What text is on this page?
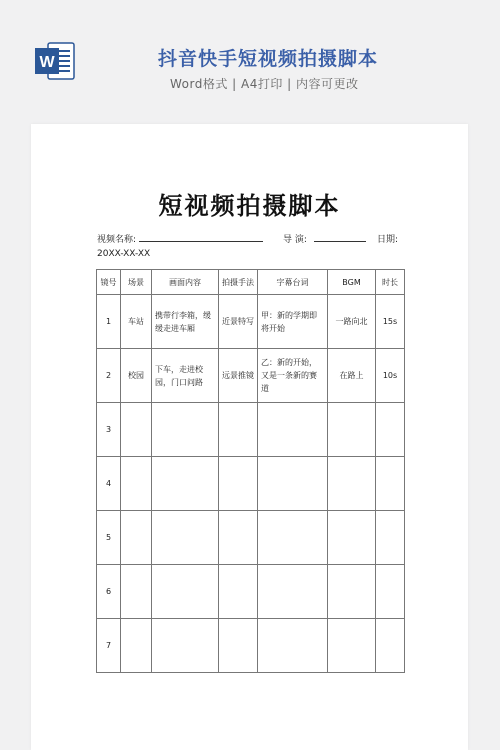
W	抖音快手短视频拍摄脚本
Word格式 | A4打印 | 内容可更改
短视频拍摄脚本
视频名称:	导 演:	日期:
20XX-XX-XX
镜号	场景	画面内容	拍摄手法	字幕台词	BGM	时长
1	车站	携带行李箱，缓缓走进车厢	近景特写	甲：新的学期即将开始	一路向北	15s
2	校园	下车，走进校园，门口问路	远景推镜	乙：新的开始，又是一条新的赛道	在路上	10s
3						
4						
5						
6						
7						
